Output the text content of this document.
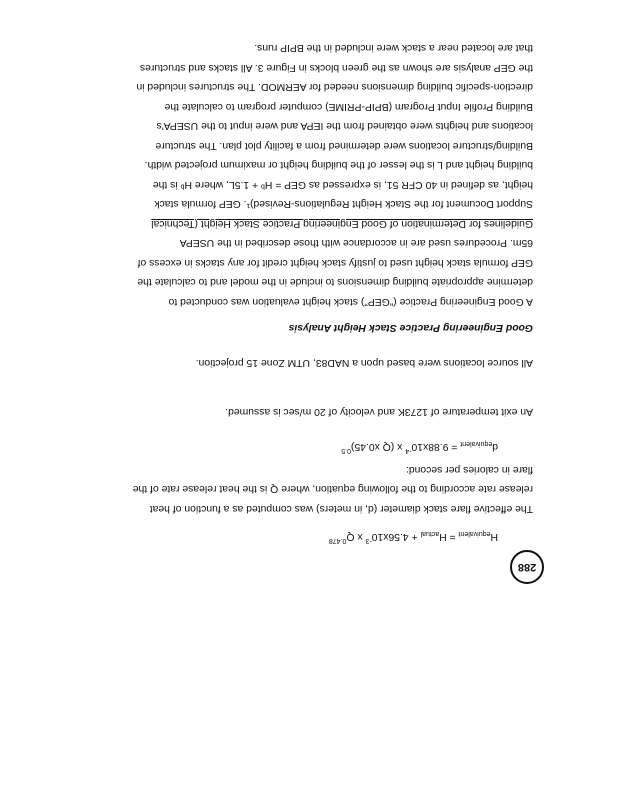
288
$H_{equivalent} = H_{actual} + 4.56x10^{-3}$ x $Q^{0.478}$

The effective flare stack diameter (d, in meters) was computed as a function of heat

release rate according to the following equation, where Q is the heat release rate of the

flare in calories per second:

$d_{equivalent} = 9.88x10^{-4}$ x (Q x0.45)$^{0.5}$

An exit temperature of 1273K and velocity of 20 m/sec is assumed.

All source locations were based upon a NAD83, UTM Zone 15 projection.

Good Engineering Practice Stack Height Analysis

A Good Engineering Practice (“GEP”) stack height evaluation was conducted to

determine appropriate building dimensions to include in the model and to calculate the

GEP formula stack height used to justify stack height credit for any stacks in excess of

65m. Procedures used are in accordance with those described in the USEPA

Guidelines for Determination of Good Engineering Practice Stack Height (Technical

Support Document for the Stack Height Regulations-Revised)¹. GEP formula stack

height, as defined in 40 CFR 51, is expressed as GEP = Hᵇ + 1.5L, where Hᵇ is the

building height and L is the lesser of the building height or maximum projected width.

Building/structure locations were determined from a facility plot plan. The structure

locations and heights were obtained from the IEPA and were input to the USEPA's

Building Profile Input Program (BPIP-PRIME) computer program to calculate the

direction-specific building dimensions needed for AERMOD. The structures included in

the GEP analysis are shown as the green blocks in Figure 3. All stacks and structures

that are located near a stack were included in the BPIP runs.
